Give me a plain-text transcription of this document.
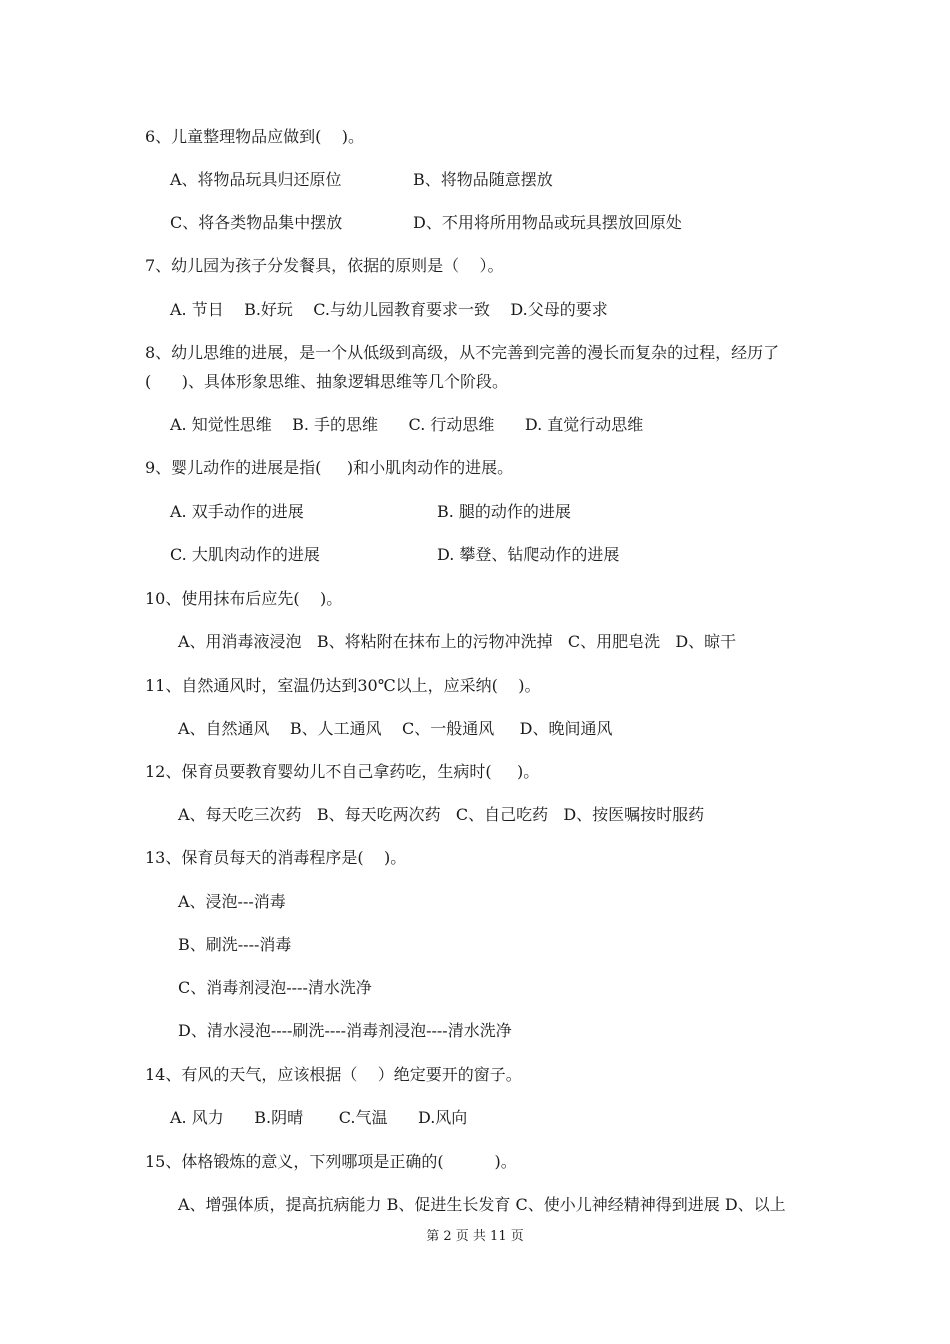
6、儿童整理物品应做到(    )。
A、将物品玩具归还原位	B、将物品随意摆放
C、将各类物品集中摆放	D、不用将所用物品或玩具摆放回原处
7、幼儿园为孩子分发餐具，依据的原则是（    ）。
A. 节日    B.好玩    C.与幼儿园教育要求一致    D.父母的要求
8、幼儿思维的进展，是一个从低级到高级，从不完善到完善的漫长而复杂的过程，经历了
(      )、具体形象思维、抽象逻辑思维等几个阶段。
A. 知觉性思维    B. 手的思维      C. 行动思维      D. 直觉行动思维
9、婴儿动作的进展是指(     )和小肌肉动作的进展。
A. 双手动作的进展	B. 腿的动作的进展
C. 大肌肉动作的进展	D. 攀登、钻爬动作的进展
10、使用抹布后应先(    )。
A、用消毒液浸泡   B、将粘附在抹布上的污物冲洗掉   C、用肥皂洗   D、晾干
11、自然通风时，室温仍达到30℃以上，应采纳(    )。
A、自然通风    B、人工通风    C、一般通风     D、晚间通风
12、保育员要教育婴幼儿不自己拿药吃，生病时(     )。
A、每天吃三次药   B、每天吃两次药   C、自己吃药   D、按医嘱按时服药
13、保育员每天的消毒程序是(    )。
A、浸泡---消毒
B、刷洗----消毒
C、消毒剂浸泡----清水洗净
D、清水浸泡----刷洗----消毒剂浸泡----清水洗净
14、有风的天气，应该根据（    ）绝定要开的窗子。
A. 风力      B.阴晴       C.气温      D.风向
15、体格锻炼的意义，下列哪项是正确的(          )。
A、增强体质，提高抗病能力 B、促进生长发育 C、使小儿神经精神得到进展 D、以上
第 2 页 共 11 页
